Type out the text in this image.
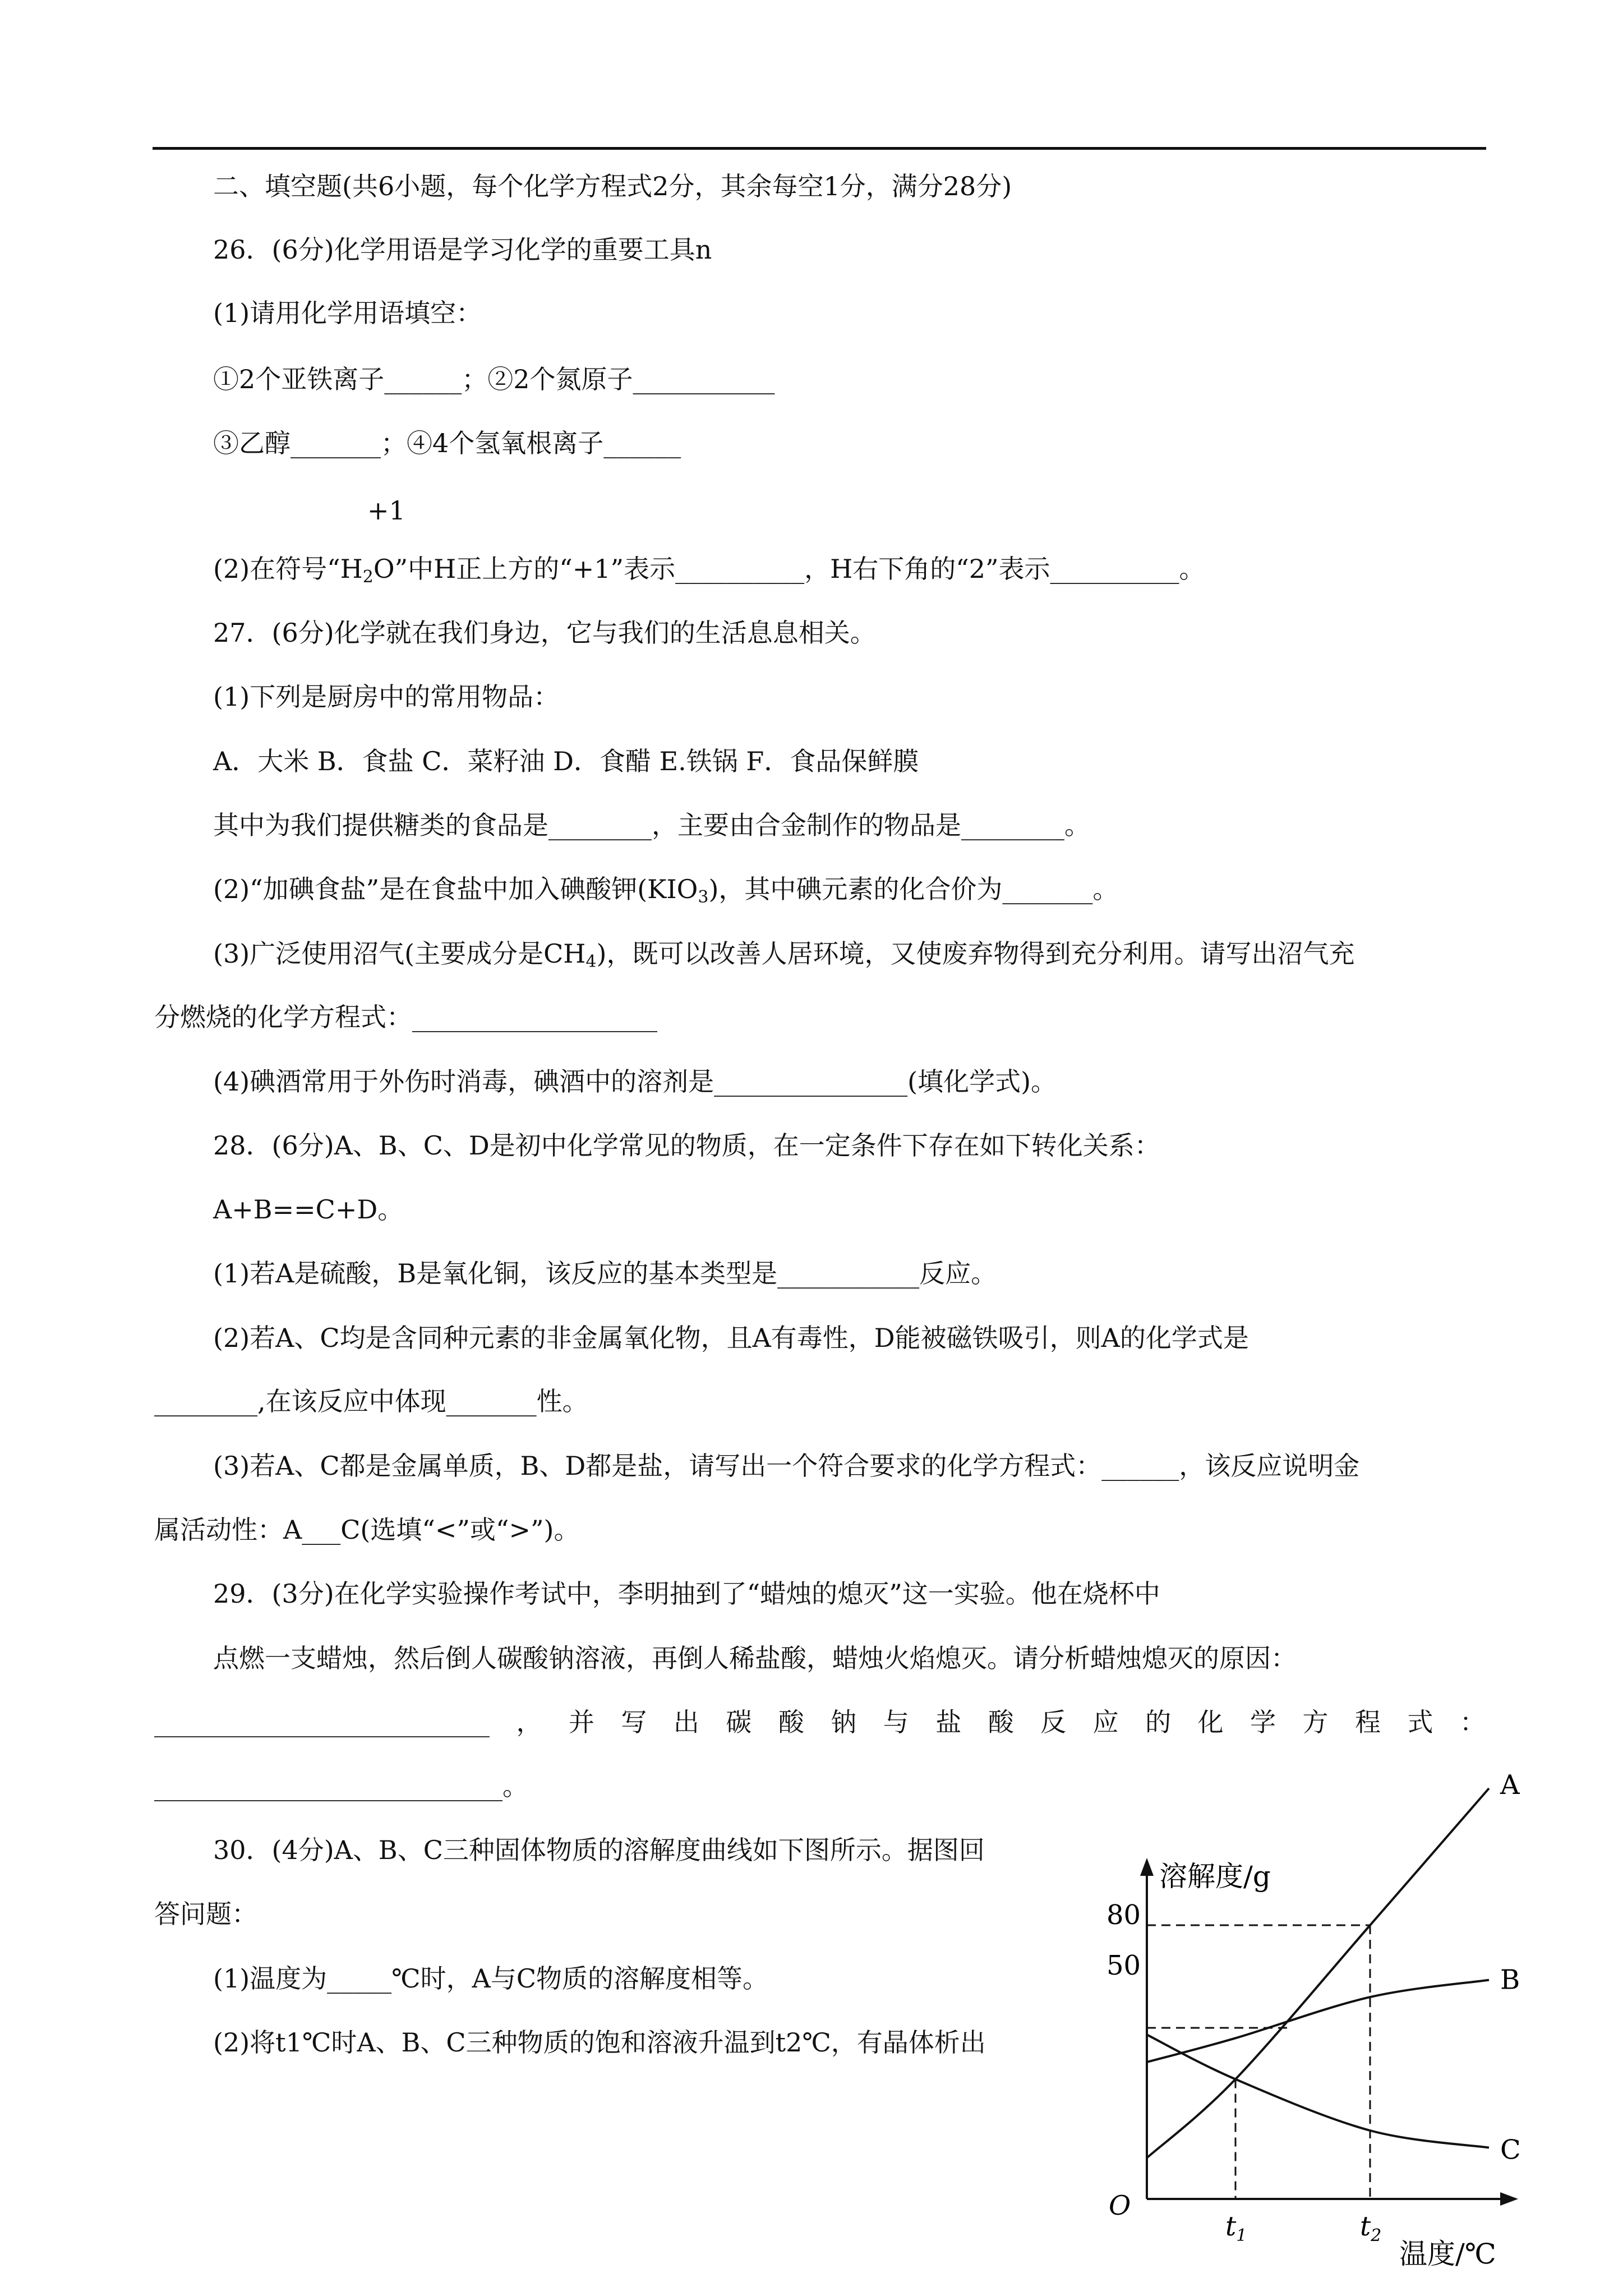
二、填空题(共6小题，每个化学方程式2分，其余每空1分，满分28分)
26．(6分)化学用语是学习化学的重要工具n
(1)请用化学用语填空：
①2个亚铁离子______；②2个氮原子___________
③乙醇_______；④4个氢氧根离子______
+1
(2)在符号“$H_2O$”中H正上方的“+1”表示__________，H右下角的“2”表示__________。
27．(6分)化学就在我们身边，它与我们的生活息息相关。
(1)下列是厨房中的常用物品：
A．大米 B．食盐 C．菜籽油 D．食醋 E.铁锅 F．食品保鲜膜
其中为我们提供糖类的食品是________，主要由合金制作的物品是________。
(2)“加碘食盐”是在食盐中加入碘酸钾$(KIO_3)$，其中碘元素的化合价为_______。
(3)广泛使用沼气(主要成分是$CH_4$)，既可以改善人居环境，又使废弃物得到充分利用。请写出沼气充
分燃烧的化学方程式：___________________
(4)碘酒常用于外伤时消毒，碘酒中的溶剂是_______________(填化学式)。
28．(6分)A、B、C、D是初中化学常见的物质，在一定条件下存在如下转化关系：
A+B==C+D。
(1)若A是硫酸，B是氧化铜，该反应的基本类型是___________反应。
(2)若A、C均是含同种元素的非金属氧化物，且A有毒性，D能被磁铁吸引，则A的化学式是
________,在该反应中体现_______性。
(3)若A、C都是金属单质，B、D都是盐，请写出一个符合要求的化学方程式：______，该反应说明金
属活动性：A___C(选填“<”或“>”)。
29．(3分)在化学实验操作考试中，李明抽到了“蜡烛的熄灭”这一实验。他在烧杯中
点燃一支蜡烛，然后倒人碳酸钠溶液，再倒人稀盐酸，蜡烛火焰熄灭。请分析蜡烛熄灭的原因：
__________________________ ， 并 写 出 碳 酸 钠 与 盐 酸 反 应 的 化 学 方 程 式 ：
___________________________。
30．(4分)A、B、C三种固体物质的溶解度曲线如下图所示。据图回
答问题：
(1)温度为_____℃时，A与C物质的溶解度相等。
(2)将t1℃时A、B、C三种物质的饱和溶液升温到t2℃，有晶体析出
溶解度/g
温度/℃
O
80
50
$t_1$	$t_2$
A
B
C
